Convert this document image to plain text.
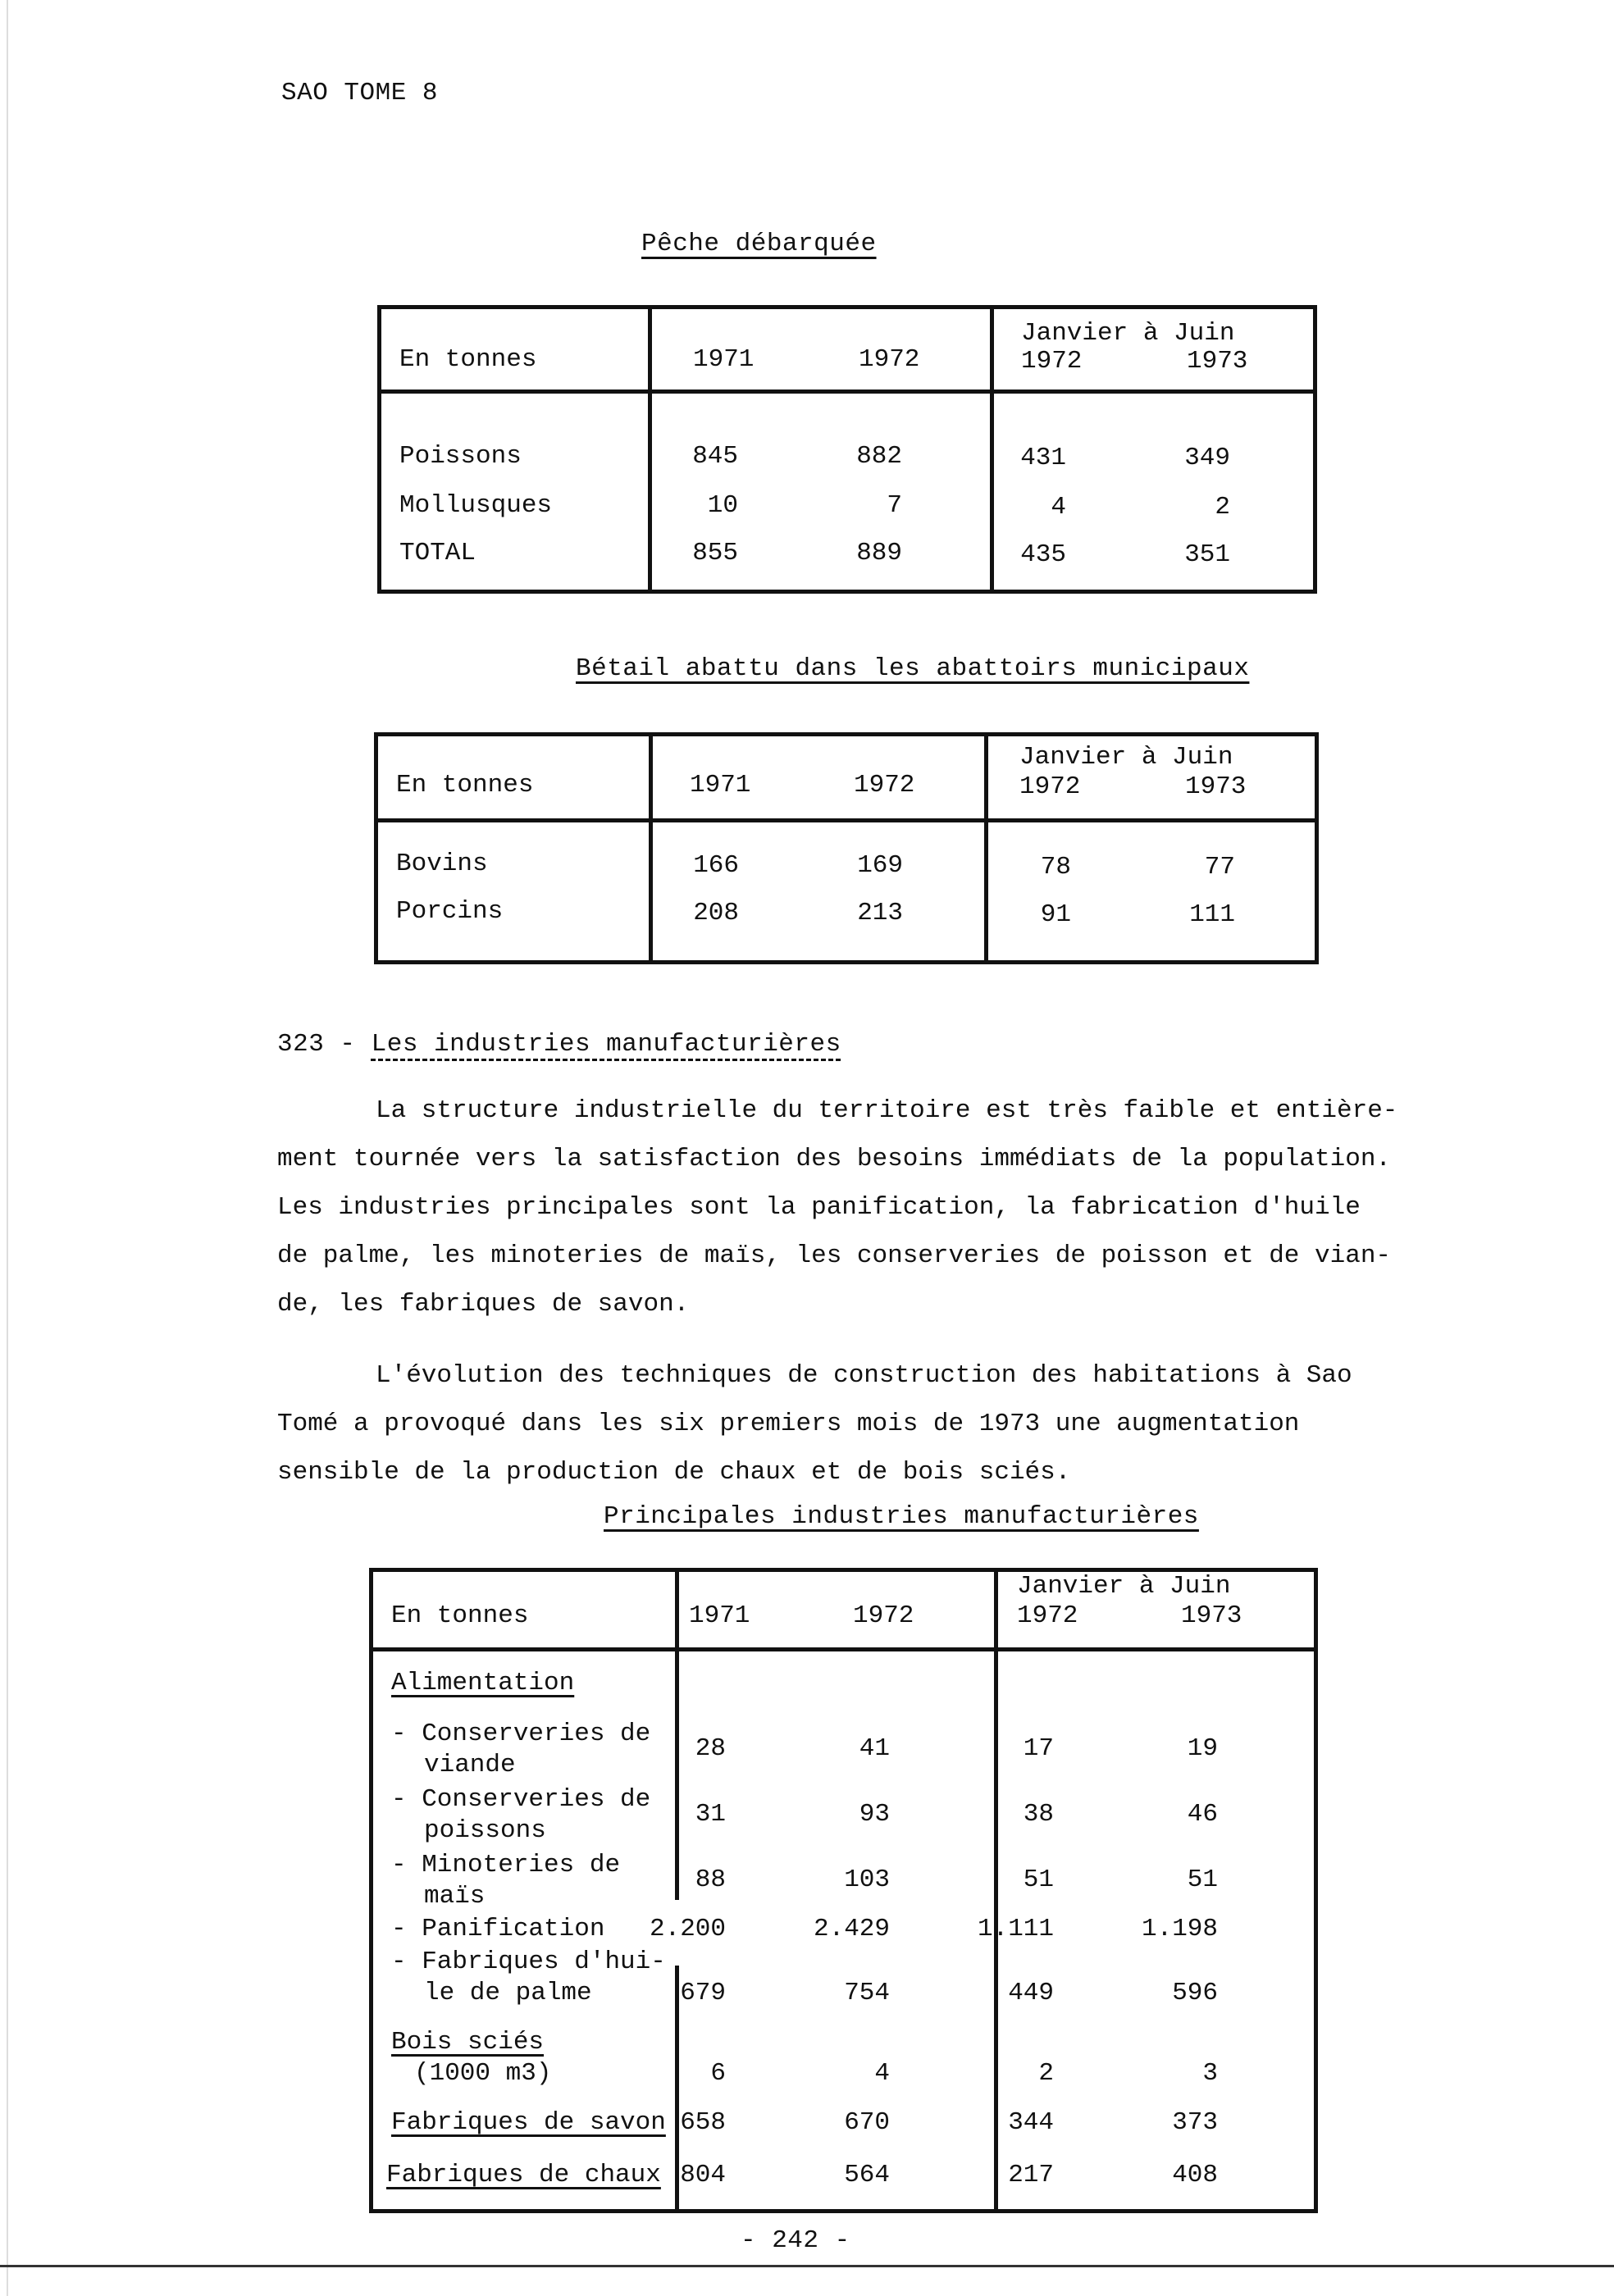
SAO TOME 8
Pêche débarquée
En tonnes	1971	1972
Janvier à Juin
1972	1973
Poissons	845	882	431	349
Mollusques	10	7	4	2
TOTAL	855	889	435	351
Bétail abattu dans les abattoirs municipaux
En tonnes	1971	1972
Janvier à Juin
1972	1973
Bovins	166	169	78	77
Porcins	208	213	91	111
323 - Les industries manufacturières
La structure industrielle du territoire est très faible et entière-
ment tournée vers la satisfaction des besoins immédiats de la population.
Les industries principales sont la panification, la fabrication d'huile
de palme, les minoteries de maïs, les conserveries de poisson et de vian-
de, les fabriques de savon.
L'évolution des techniques de construction des habitations à Sao
Tomé a provoqué dans les six premiers mois de 1973 une augmentation
sensible de la production de chaux et de bois sciés.
Principales industries manufacturières
En tonnes	1971	1972
Janvier à Juin
1972	1973
Alimentation
- Conserveries de
viande
28	41	17	19
- Conserveries de
poissons
31	93	38	46
- Minoteries de
maïs
88	103	51	51
- Panification	2.200	2.429	1.111	1.198
- Fabriques d'hui-
le de palme	679	754	449	596
Bois sciés
(1000 m3)	6	4	2	3
Fabriques de savon 658	670	344	373
Fabriques de chaux 804	564	217	408
- 242 -
